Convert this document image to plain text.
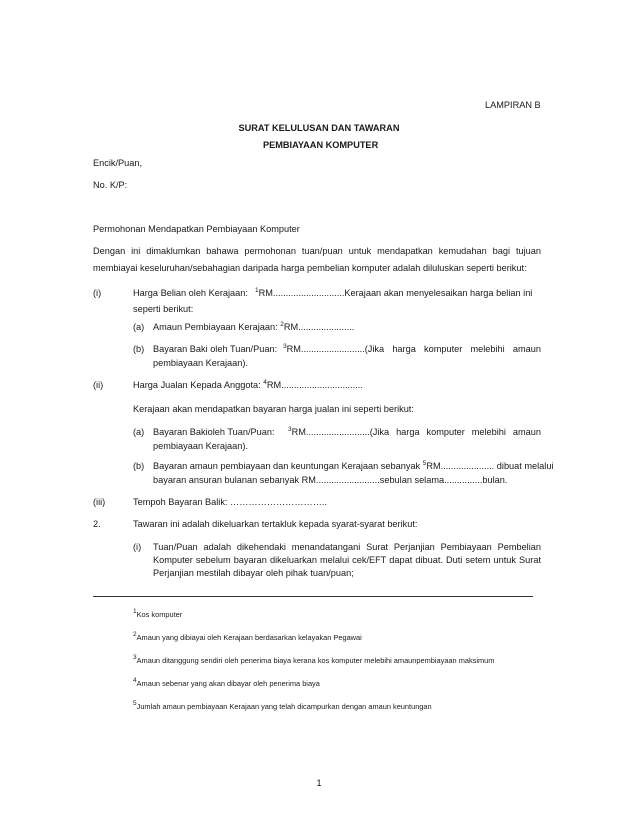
LAMPIRAN B
SURAT KELULUSAN DAN TAWARAN
PEMBIAYAAN KOMPUTER
Encik/Puan,
No. K/P:
Permohonan Mendapatkan Pembiayaan Komputer
Dengan ini dimaklumkan bahawa permohonan tuan/puan untuk mendapatkan kemudahan bagi tujuan
membiayai keseluruhan/sebahagian daripada harga pembelian komputer adalah diluluskan seperti berikut:
(i)	Harga Belian oleh Kerajaan: $^1$RM............................Kerajaan akan menyelesaikan harga belian ini
seperti berikut:
(a) Amaun Pembiayaan Kerajaan: $^2$RM......................
(b) Bayaran Baki oleh Tuan/Puan: $^3$RM.........................(Jika harga komputer melebihi amaun
pembiayaan Kerajaan).
(ii)	Harga Jualan Kepada Anggota: $^4$RM................................
Kerajaan akan mendapatkan bayaran harga jualan ini seperti berikut:
(a) Bayaran Bakioleh Tuan/Puan: $^3$RM.........................(Jika harga komputer melebihi amaun
pembiayaan Kerajaan).
(b) Bayaran amaun pembiayaan dan keuntungan Kerajaan sebanyak $^5$RM..................... dibuat melalui
bayaran ansuran bulanan sebanyak RM.........................sebulan selama...............bulan.
(iii)	Tempoh Bayaran Balik: …………………………..
2.	Tawaran ini adalah dikeluarkan tertakluk kepada syarat-syarat berikut:
(i) Tuan/Puan adalah dikehendaki menandatangani Surat Perjanjian Pembiayaan Pembelian
Komputer sebelum bayaran dikeluarkan melalui cek/EFT dapat dibuat. Duti setem untuk Surat
Perjanjian mestilah dibayar oleh pihak tuan/puan;
$^1$Kos komputer
$^2$Amaun yang dibiayai oleh Kerajaan berdasarkan kelayakan Pegawai
$^3$Amaun ditanggung sendiri oleh penerima biaya kerana kos komputer melebihi amaunpembiayaan maksimum
$^4$Amaun sebenar yang akan dibayar oleh penerima biaya
$^5$Jumlah amaun pembiayaan Kerajaan yang telah dicampurkan dengan amaun keuntungan
1
